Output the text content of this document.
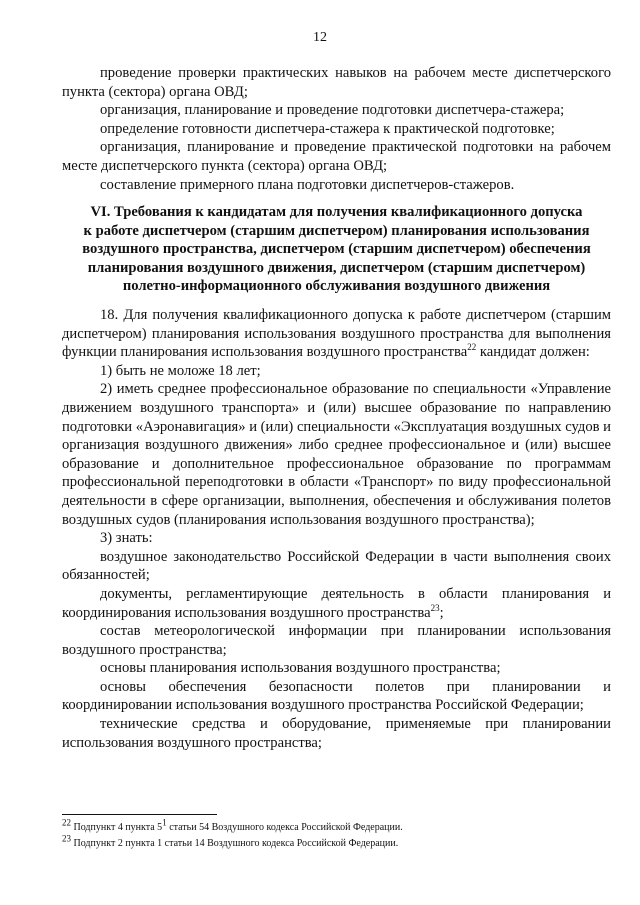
12

проведение проверки практических навыков на рабочем месте диспетчерского пункта (сектора) органа ОВД;

организация, планирование и проведение подготовки диспетчера-стажера;

определение готовности диспетчера-стажера к практической подготовке;

организация, планирование и проведение практической подготовки на рабочем месте диспетчерского пункта (сектора) органа ОВД;

составление примерного плана подготовки диспетчеров-стажеров.

VI. Требования к кандидатам для получения квалификационного допуска
к работе диспетчером (старшим диспетчером) планирования использования
воздушного пространства, диспетчером (старшим диспетчером) обеспечения
планирования воздушного движения, диспетчером (старшим диспетчером)
полетно-информационного обслуживания воздушного движения

18. Для получения квалификационного допуска к работе диспетчером (старшим диспетчером) планирования использования воздушного пространства для выполнения функции планирования использования воздушного пространства$^{22}$ кандидат должен:

1) быть не моложе 18 лет;

2) иметь среднее профессиональное образование по специальности «Управление движением воздушного транспорта» и (или) высшее образование по направлению подготовки «Аэронавигация» и (или) специальности «Эксплуатация воздушных судов и организация воздушного движения» либо среднее профессиональное и (или) высшее образование и дополнительное профессиональное образование по программам профессиональной переподготовки в области «Транспорт» по виду профессиональной деятельности в сфере организации, выполнения, обеспечения и обслуживания полетов воздушных судов (планирования использования воздушного пространства);

3) знать:

воздушное законодательство Российской Федерации в части выполнения своих обязанностей;

документы, регламентирующие деятельность в области планирования и координирования использования воздушного пространства$^{23}$;

состав метеорологической информации при планировании использования воздушного пространства;

основы планирования использования воздушного пространства;

основы обеспечения безопасности полетов при планировании и координировании использования воздушного пространства Российской Федерации;

технические средства и оборудование, применяемые при планировании использования воздушного пространства;

$^{22}$ Подпункт 4 пункта $5^1$ статьи 54 Воздушного кодекса Российской Федерации.

$^{23}$ Подпункт 2 пункта 1 статьи 14 Воздушного кодекса Российской Федерации.
